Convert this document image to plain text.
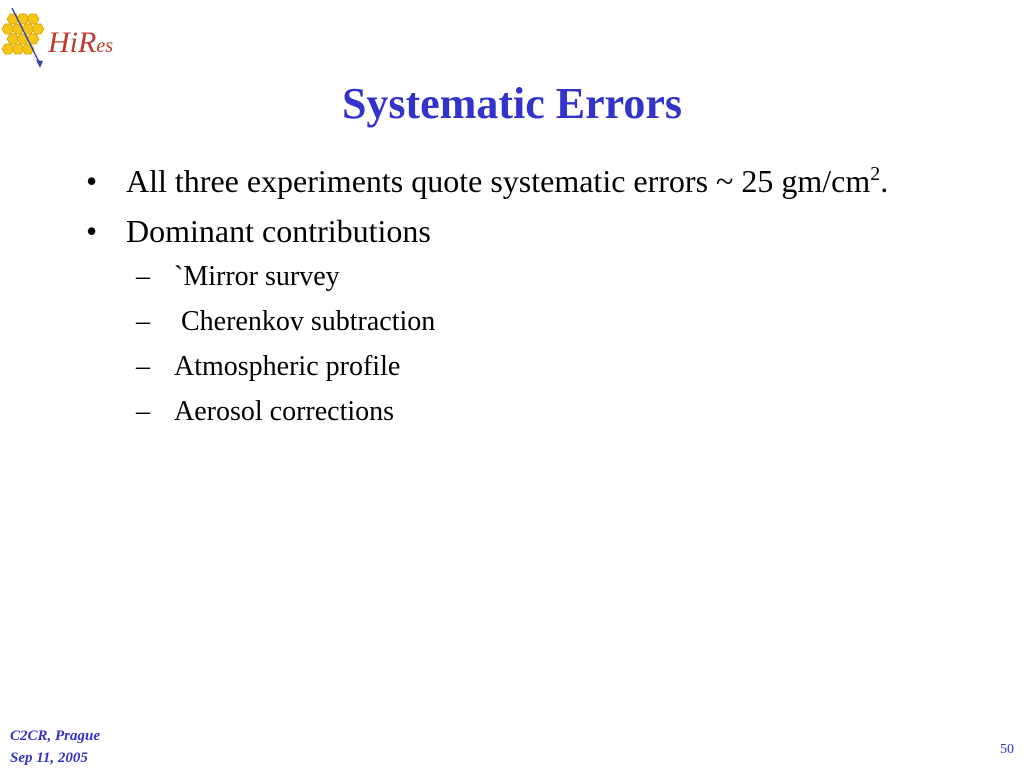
HiRes
Systematic Errors
• All three experiments quote systematic errors ~ 25 $gm/cm^2$.
• Dominant contributions
– `Mirror survey
– Cherenkov subtraction
– Atmospheric profile
– Aerosol corrections
C2CR, Prague
Sep 11, 2005
50
